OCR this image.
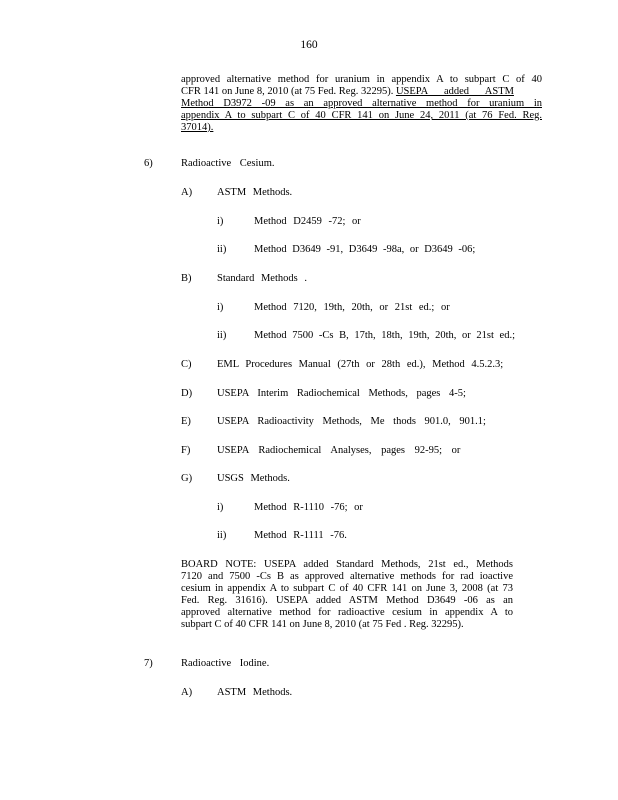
160

approved alternative method for uranium in appendix A to subpart C of 40

CFR 141 on June 8, 2010 (at 75 Fed. Reg. 32295). USEPA added ASTM

Method D3972 -09 as an approved alternative method for uranium in

appendix A to subpart C of 40 CFR 141 on June 24, 2011 (at 76 Fed. Reg.

37014).

6)	Radioactive Cesium.
A) ASTM Methods.
i)	Method D2459 -72; or
ii)	Method D3649 -91, D3649 -98a, or D3649 -06;
B) Standard Methods .
i)	Method 7120, 19th, 20th, or 21st ed.; or
ii)	Method 7500 -Cs B, 17th, 18th, 19th, 20th, or 21st ed.;
C) EML Procedures Manual (27th or 28th ed.), Method 4.5.2.3;
D) USEPA Interim Radiochemical Methods, pages 4-5;
E) USEPA Radioactivity Methods, Me thods 901.0, 901.1;
F)	USEPA Radiochemical Analyses, pages 92-95; or
G) USGS Methods.
i)	Method R-1110 -76; or
ii)	Method R-1111 -76.

BOARD NOTE: USEPA added Standard Methods, 21st ed., Methods

7120 and 7500 -Cs B as approved alternative methods for rad ioactive

cesium in appendix A to subpart C of 40 CFR 141 on June 3, 2008 (at 73

Fed. Reg. 31616). USEPA added ASTM Method D3649 -06 as an

approved alternative method for radioactive cesium in appendix A to

subpart C of 40 CFR 141 on June 8, 2010 (at 75 Fed . Reg. 32295).

7)	Radioactive Iodine.
A) ASTM Methods.
